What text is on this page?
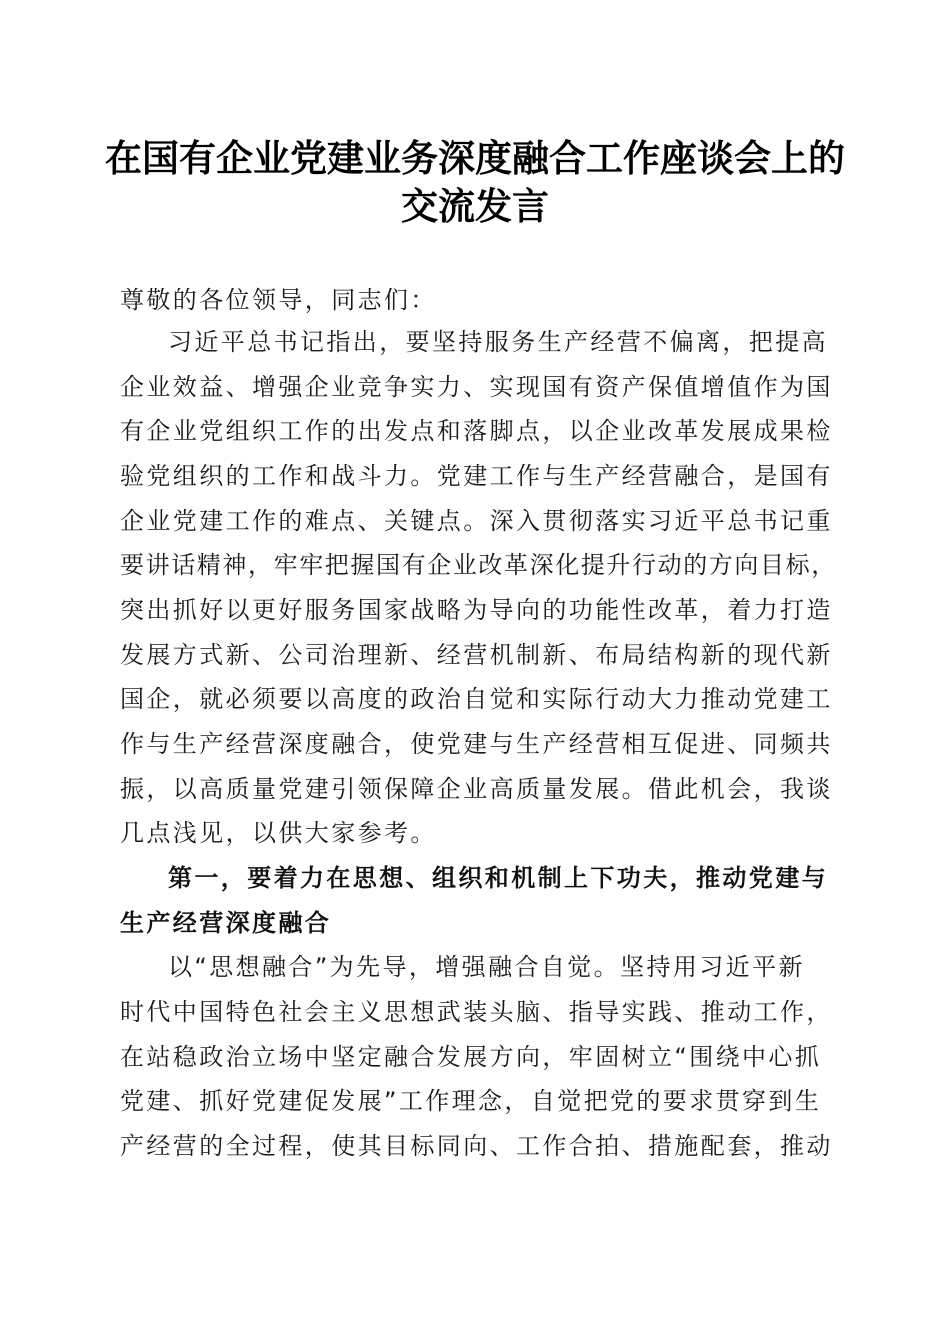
在国有企业党建业务深度融合工作座谈会上的
交流发言
尊敬的各位领导，同志们：
习近平总书记指出，要坚持服务生产经营不偏离，把提高
企业效益、增强企业竞争实力、实现国有资产保值增值作为国
有企业党组织工作的出发点和落脚点，以企业改革发展成果检
验党组织的工作和战斗力。党建工作与生产经营融合，是国有
企业党建工作的难点、关键点。深入贯彻落实习近平总书记重
要讲话精神，牢牢把握国有企业改革深化提升行动的方向目标，
突出抓好以更好服务国家战略为导向的功能性改革，着力打造
发展方式新、公司治理新、经营机制新、布局结构新的现代新
国企，就必须要以高度的政治自觉和实际行动大力推动党建工
作与生产经营深度融合，使党建与生产经营相互促进、同频共
振，以高质量党建引领保障企业高质量发展。借此机会，我谈
几点浅见，以供大家参考。
第一，要着力在思想、组织和机制上下功夫，推动党建与
生产经营深度融合
以“思想融合”为先导，增强融合自觉。坚持用习近平新
时代中国特色社会主义思想武装头脑、指导实践、推动工作，
在站稳政治立场中坚定融合发展方向，牢固树立“围绕中心抓
党建、抓好党建促发展”工作理念，自觉把党的要求贯穿到生
产经营的全过程，使其目标同向、工作合拍、措施配套，推动
